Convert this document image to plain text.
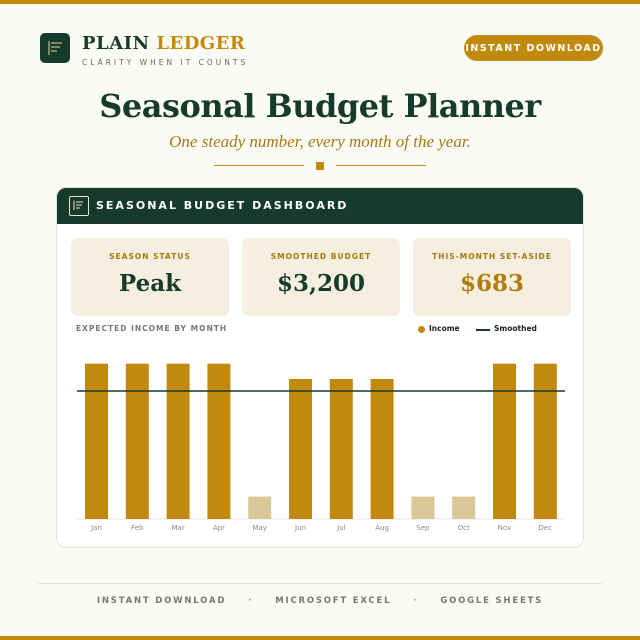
PLAIN LEDGER
CLARITY WHEN IT COUNTS
INSTANT DOWNLOAD
Seasonal Budget Planner
One steady number, every month of the year.
SEASONAL BUDGET DASHBOARD
SEASON STATUS
Peak
SMOOTHED BUDGET
$3,200
THIS-MONTH SET-ASIDE
$683
EXPECTED INCOME BY MONTH	Income	Smoothed
Jan	Feb	Mar	Apr	May	Jun	Jul	Aug	Sep	Oct	Nov	Dec
INSTANT DOWNLOAD	·	MICROSOFT EXCEL	·	GOOGLE SHEETS
